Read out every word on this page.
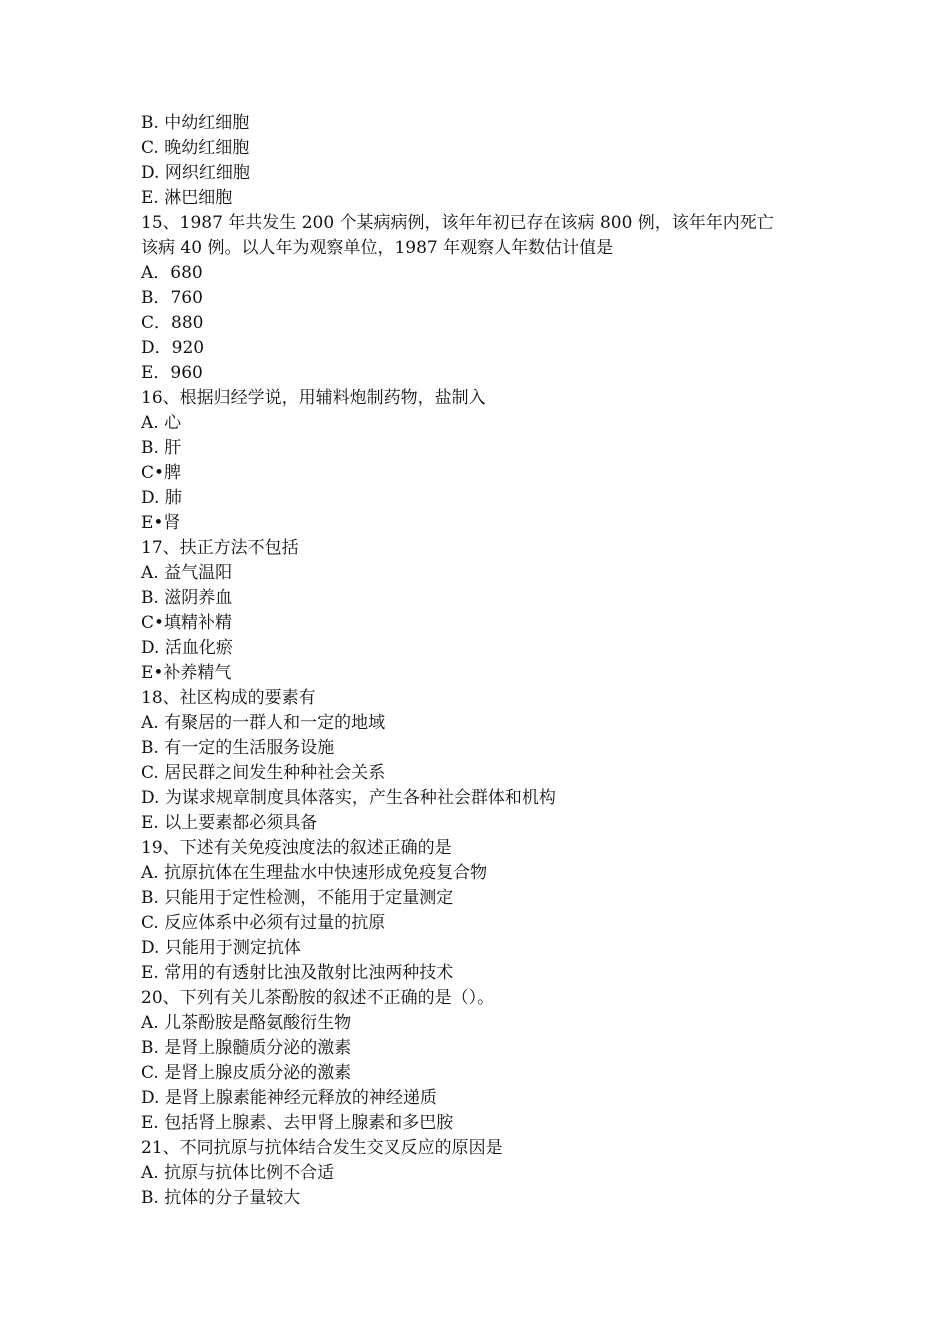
B. 中幼红细胞
C. 晚幼红细胞
D. 网织红细胞
E. 淋巴细胞
15、1987 年共发生 200 个某病病例，该年年初已存在该病 800 例，该年年内死亡
该病 40 例。以人年为观察单位，1987 年观察人年数估计值是
A．680
B．760
C．880
D．920
E．960
16、根据归经学说，用辅料炮制药物，盐制入
A. 心
B. 肝
C•脾
D. 肺
E•肾
17、扶正方法不包括
A. 益气温阳
B. 滋阴养血
C•填精补精
D. 活血化瘀
E•补养精气
18、社区构成的要素有
A. 有聚居的一群人和一定的地域
B. 有一定的生活服务设施
C. 居民群之间发生种种社会关系
D. 为谋求规章制度具体落实，产生各种社会群体和机构
E. 以上要素都必须具备
19、下述有关免疫浊度法的叙述正确的是
A. 抗原抗体在生理盐水中快速形成免疫复合物
B. 只能用于定性检测，不能用于定量测定
C. 反应体系中必须有过量的抗原
D. 只能用于测定抗体
E. 常用的有透射比浊及散射比浊两种技术
20、下列有关儿茶酚胺的叙述不正确的是（）。
A. 儿茶酚胺是酪氨酸衍生物
B. 是肾上腺髓质分泌的激素
C. 是肾上腺皮质分泌的激素
D. 是肾上腺素能神经元释放的神经递质
E. 包括肾上腺素、去甲肾上腺素和多巴胺
21、不同抗原与抗体结合发生交叉反应的原因是
A. 抗原与抗体比例不合适
B. 抗体的分子量较大
